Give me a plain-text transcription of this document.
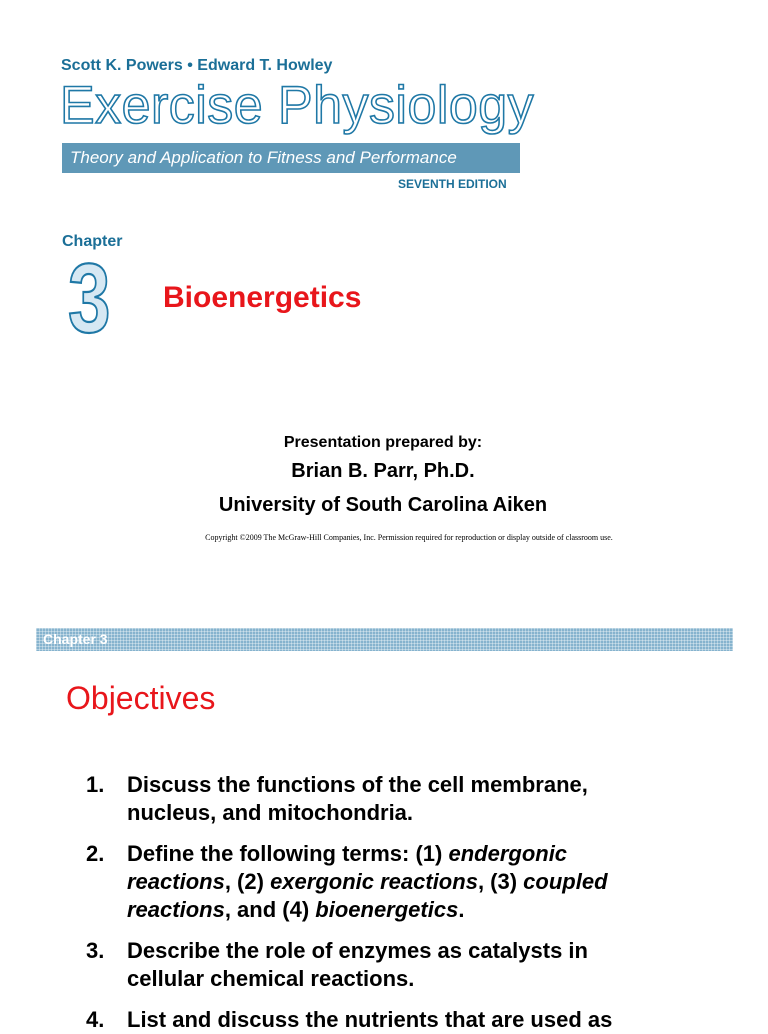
Scott K. Powers • Edward T. Howley
Exercise Physiology
Theory and Application to Fitness and Performance
SEVENTH EDITION
Chapter
3 Bioenergetics
Presentation prepared by:
Brian B. Parr, Ph.D.
University of South Carolina Aiken
Copyright ©2009 The McGraw-Hill Companies, Inc. Permission required for reproduction or display outside of classroom use.
Chapter 3
Objectives
1. Discuss the functions of the cell membrane, nucleus, and mitochondria.
2. Define the following terms: (1) endergonic reactions, (2) exergonic reactions, (3) coupled reactions, and (4) bioenergetics.
3. Describe the role of enzymes as catalysts in cellular chemical reactions.
4. List and discuss the nutrients that are used as
